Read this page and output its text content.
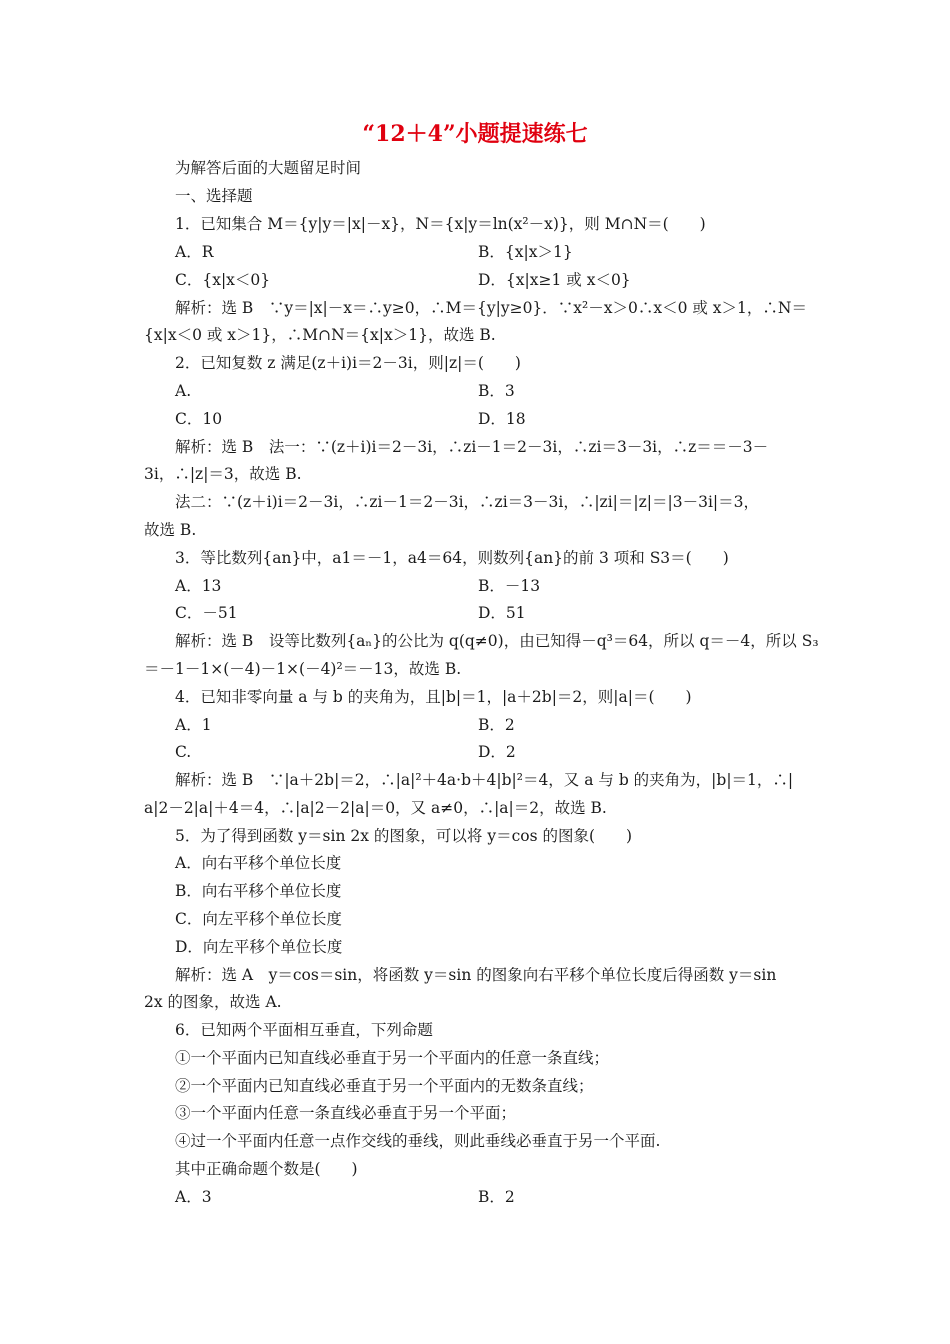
“12＋4”小题提速练七
为解答后面的大题留足时间
一、选择题
1．已知集合 M＝{y|y＝|x|－x}，N＝{x|y＝ln(x²－x)}，则 M∩N＝(　　)
A．R	B．{x|x＞1}
C．{x|x＜0}	D．{x|x≥1 或 x＜0}
解析：选 B　∵y＝|x|－x＝∴y≥0，∴M＝{y|y≥0}．∵x²－x＞0∴x＜0 或 x＞1，∴N＝
{x|x＜0 或 x＞1}，∴M∩N＝{x|x＞1}，故选 B.
2．已知复数 z 满足(z＋i)i＝2－3i，则|z|＝(　　)
A.	B．3
C．10	D．18
解析：选 B　法一：∵(z＋i)i＝2－3i，∴zi－1＝2－3i，∴zi＝3－3i，∴z＝＝－3－
3i，∴|z|＝3，故选 B.
法二：∵(z＋i)i＝2－3i，∴zi－1＝2－3i，∴zi＝3－3i，∴|zi|＝|z|＝|3－3i|＝3，
故选 B.
3．等比数列{an}中，a1＝－1，a4＝64，则数列{an}的前 3 项和 S3＝(　　)
A．13	B．－13
C．－51	D．51
解析：选 B　设等比数列{aₙ}的公比为 q(q≠0)，由已知得－q³＝64，所以 q＝－4，所以 S₃
＝－1－1×(－4)－1×(－4)²＝－13，故选 B.
4．已知非零向量 a 与 b 的夹角为，且|b|＝1，|a＋2b|＝2，则|a|＝(　　)
A．1	B．2
C.	D．2
解析：选 B　∵|a＋2b|＝2，∴|a|²＋4a·b＋4|b|²＝4，又 a 与 b 的夹角为，|b|＝1，∴|
a|2－2|a|＋4＝4，∴|a|2－2|a|＝0，又 a≠0，∴|a|＝2，故选 B.
5．为了得到函数 y＝sin 2x 的图象，可以将 y＝cos 的图象(　　)
A．向右平移个单位长度
B．向右平移个单位长度
C．向左平移个单位长度
D．向左平移个单位长度
解析：选 A　y＝cos＝sin，将函数 y＝sin 的图象向右平移个单位长度后得函数 y＝sin
2x 的图象，故选 A.
6．已知两个平面相互垂直，下列命题
①一个平面内已知直线必垂直于另一个平面内的任意一条直线；
②一个平面内已知直线必垂直于另一个平面内的无数条直线；
③一个平面内任意一条直线必垂直于另一个平面；
④过一个平面内任意一点作交线的垂线，则此垂线必垂直于另一个平面.
其中正确命题个数是(　　)
A．3	B．2
